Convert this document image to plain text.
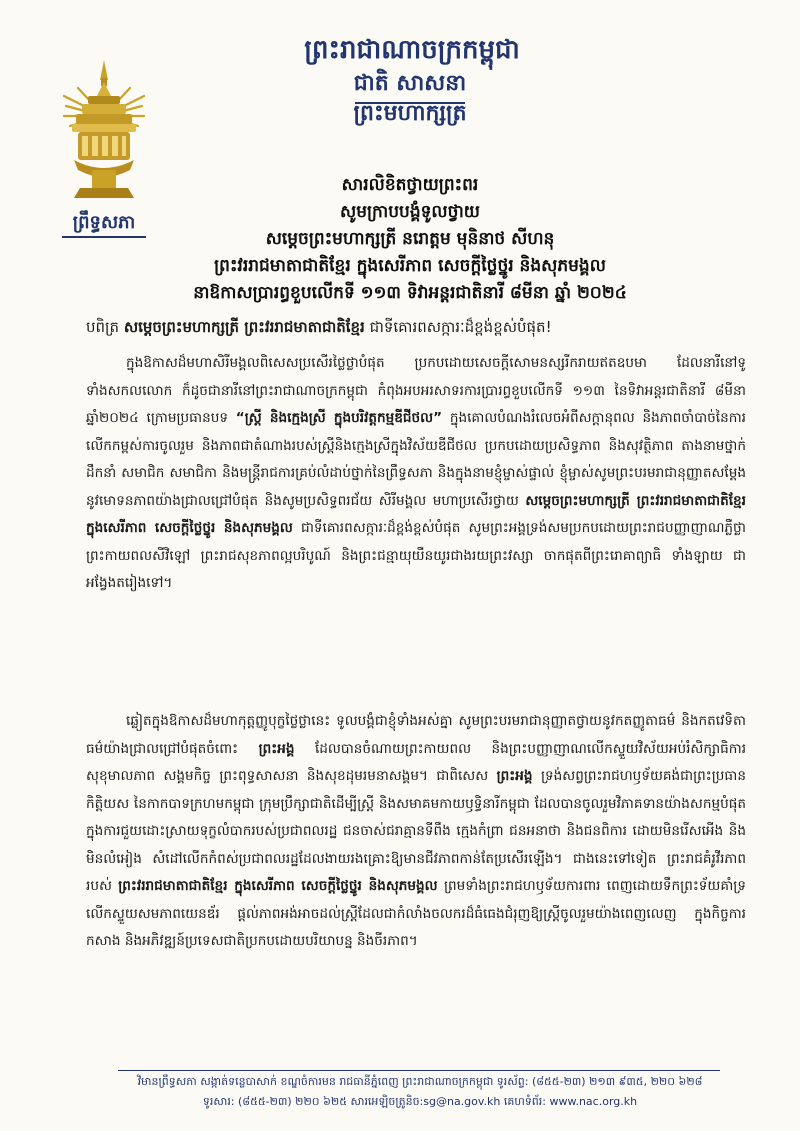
ព្រះរាជាណាចក្រកម្ពុជា
ជាតិ សាសនា ព្រះមហាក្សត្រ
ព្រឹទ្ធសភា
សារលិខិតថ្វាយព្រះពរ
សូមក្រាបបង្គំទូលថ្វាយ
សម្តេចព្រះមហាក្សត្រី នរោត្តម មុនិនាថ សីហនុ
ព្រះវររាជមាតាជាតិខ្មែរ ក្នុងសេរីភាព សេចក្តីថ្លៃថ្នូរ និងសុភមង្គល
នាឱកាសប្រារព្ធខួបលើកទី ១១៣ ទិវាអន្តរជាតិនារី ៨មីនា ឆ្នាំ ២០២៤
បពិត្រ សម្តេចព្រះមហាក្សត្រី ព្រះវររាជមាតាជាតិខ្មែរ ជាទីគោរពសក្ការៈដ៏ខ្ពង់ខ្ពស់បំផុត!
ក្នុងឱកាសដ៏មហាសិរីមង្គលពិសេសប្រសើរថ្លៃថ្លាបំផុត ប្រកបដោយសេចក្តីសោមនស្សរីករាយឥតឧបមា ដែលនារីនៅទូទាំងសកលលោក ក៏ដូចជានារីនៅព្រះរាជាណាចក្រកម្ពុជា កំពុងអបអរសាទរការប្រារព្ធខួបលើកទី ១១៣ នៃទិវាអន្តរជាតិនារី ៨មីនា ឆ្នាំ២០២៤ ក្រោមប្រធានបទ “ស្ត្រី និងក្មេងស្រី ក្នុងបរិវត្តកម្មឌីជីថល” ក្នុងគោលបំណងរំលេចអំពីសក្តានុពល និងភាពចាំបាច់នៃការលើកកម្ពស់ការចូលរួម និងភាពជាតំណាងរបស់ស្ត្រីនិងក្មេងស្រីក្នុងវិស័យឌីជីថល ប្រកបដោយប្រសិទ្ធភាព និងសុវត្ថិភាព តាងនាមថ្នាក់ដឹកនាំ សមាជិក សមាជិកា និងមន្ត្រីរាជការគ្រប់លំដាប់ថ្នាក់នៃព្រឹទ្ធសភា និងក្នុងនាមខ្ញុំម្ចាស់ផ្ទាល់ ខ្ញុំម្ចាស់សូមព្រះបរមរាជានុញ្ញាតសម្តែងនូវមោទនភាពយ៉ាងជ្រាលជ្រៅបំផុត និងសូមប្រសិទ្ធពរជ័យ សិរីមង្គល មហាប្រសើរថ្វាយ សម្តេចព្រះមហាក្សត្រី ព្រះវររាជមាតាជាតិខ្មែរ ក្នុងសេរីភាព សេចក្តីថ្លៃថ្នូរ និងសុភមង្គល ជាទីគោរពសក្ការៈដ៏ខ្ពង់ខ្ពស់បំផុត សូមព្រះអង្គទ្រង់សមប្រកបដោយព្រះរាជបញ្ញាញាណភ្លឺថ្លា ព្រះកាយពលសីវិឡៅ ព្រះរាជសុខភាពល្អបរិបូណ៍ និងព្រះជន្មាយុយឺនយូរជាងរយព្រះវស្សា ចាកផុតពីព្រះរោគាព្យាធិ ទាំងឡាយ ជាអង្វែងតរៀងទៅ។
ឆ្លៀតក្នុងឱកាសដ៏មហាកុត្តញ្ញូបុក្ខថ្លៃថ្លានេះ ទូលបង្គំជាខ្ញុំទាំងអស់គ្នា សូមព្រះបរមរាជានុញ្ញាតថ្វាយនូវកតញ្ញូតាធម៌ និងកតវេទិតាធម៌យ៉ាងជ្រាលជ្រៅបំផុតចំពោះ ព្រះអង្គ ដែលបានចំណាយព្រះកាយពល និងព្រះបញ្ញាញាណលើកស្ទួយវិស័យអប់រំសិក្សាធិការ សុខុមាលភាព សង្គមកិច្ច ព្រះពុទ្ធសាសនា និងសុខដុមរមនាសង្គម។ ជាពិសេស ព្រះអង្គ ទ្រង់សព្វព្រះរាជហឫទ័យគង់ជាព្រះប្រធានកិត្តិយស នៃកាកបាទក្រហមកម្ពុជា ក្រុមប្រឹក្សាជាតិដើម្បីស្ត្រី និងសមាគមកាយឫទ្ធិនារីកម្ពុជា ដែលបានចូលរួមវិភាគទានយ៉ាងសកម្មបំផុតក្នុងការជួយដោះស្រាយទុក្ខលំបាករបស់ប្រជាពលរដ្ឋ ជនចាស់ជរាគ្មានទីពឹង ក្មេងកំព្រា ជនអនាថា និងជនពិការ ដោយមិនរើសអើង និងមិនលំអៀង សំដៅលើកកំពស់ប្រជាពលរដ្ឋដែលងាយរងគ្រោះឱ្យមានជីវភាពកាន់តែប្រសើរឡើង។ ជាងនេះទៅទៀត ព្រះរាជគំរូវីរភាពរបស់ ព្រះវររាជមាតាជាតិខ្មែរ ក្នុងសេរីភាព សេចក្តីថ្លៃថ្នូរ និងសុភមង្គល ព្រមទាំងព្រះរាជហឫទ័យការពារ ពេញដោយទឹកព្រះទ័យគាំទ្រលើកស្ទួយសមភាពយេនឌ័រ ផ្តល់ភាពអង់អាចដល់ស្ត្រីដែលជាកំលាំងចលករដ៏ធំធេងជំរុញឱ្យស្ត្រីចូលរួមយ៉ាងពេញលេញ ក្នុងកិច្ចការកសាង និងអភិវឌ្ឍន៍ប្រទេសជាតិប្រកបដោយបរិយាបន្ន និងចីរភាព។
វិមានព្រឹទ្ធសភា សង្កាត់ទន្លេបាសាក់ ខណ្ឌចំការមន រាជធានីភ្នំពេញ ព្រះរាជាណាចក្រកម្ពុជា ទូរស័ព្ទ: (៨៥៥-២៣) ២១៣ ៩៣៥, ២២០ ៦២៨
ទូរសារ: (៨៥៥-២៣) ២២០ ៦២៥ សារអេឡិចត្រូនិច:sg@na.gov.kh គេហទំព័រ: www.nac.org.kh
